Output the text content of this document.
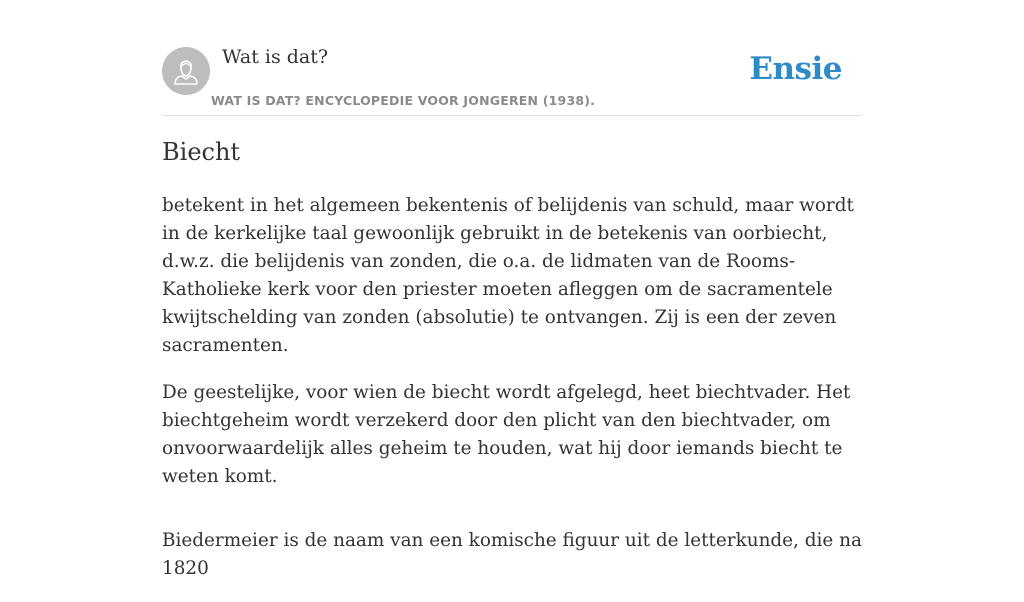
Wat is dat?
WAT IS DAT? ENCYCLOPEDIE VOOR JONGEREN (1938).
Ensie
Biecht

betekent in het algemeen bekentenis of belijdenis van schuld, maar wordt in de kerkelijke taal gewoonlijk gebruikt in de betekenis van oorbiecht, d.w.z. die belijdenis van zonden, die o.a. de lidmaten van de Rooms-Katholieke kerk voor den priester moeten afleggen om de sacramentele kwijtschelding van zonden (absolutie) te ontvangen. Zij is een der zeven sacramenten.

De geestelijke, voor wien de biecht wordt afgelegd, heet biechtvader. Het biechtgeheim wordt verzekerd door den plicht van den biechtvader, om onvoorwaardelijk alles geheim te houden, wat hij door iemands biecht te weten komt.

Biedermeier is de naam van een komische figuur uit de letterkunde, die na 1820
